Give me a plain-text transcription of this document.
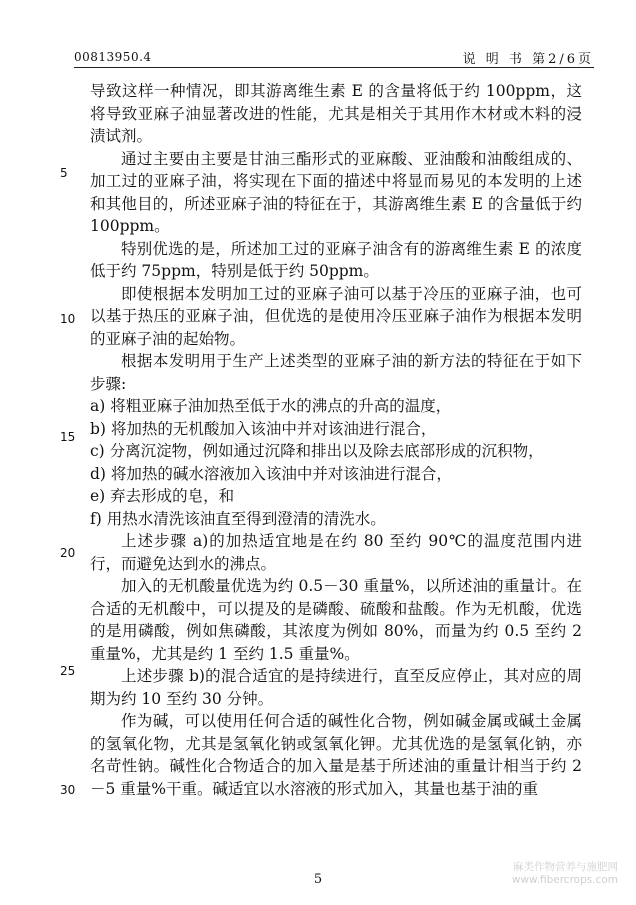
00813950.4	说 明 书 第2/6页
5
10
15
20
25
30

导致这样一种情况，即其游离维生素 E 的含量将低于约 100ppm，这将导致亚麻子油显著改进的性能，尤其是相关于其用作木材或木料的浸渍试剂。

通过主要由主要是甘油三酯形式的亚麻酸、亚油酸和油酸组成的、加工过的亚麻子油，将实现在下面的描述中将显而易见的本发明的上述和其他目的，所述亚麻子油的特征在于，其游离维生素 E 的含量低于约 100ppm。

特别优选的是，所述加工过的亚麻子油含有的游离维生素 E 的浓度低于约 75ppm，特别是低于约 50ppm。

即使根据本发明加工过的亚麻子油可以基于冷压的亚麻子油，也可以基于热压的亚麻子油，但优选的是使用冷压亚麻子油作为根据本发明的亚麻子油的起始物。

根据本发明用于生产上述类型的亚麻子油的新方法的特征在于如下步骤:

a) 将粗亚麻子油加热至低于水的沸点的升高的温度，

b) 将加热的无机酸加入该油中并对该油进行混合，

c) 分离沉淀物，例如通过沉降和排出以及除去底部形成的沉积物，

d) 将加热的碱水溶液加入该油中并对该油进行混合，

e) 弃去形成的皂，和

f) 用热水清洗该油直至得到澄清的清洗水。

上述步骤 a)的加热适宜地是在约 80 至约 90℃的温度范围内进行，而避免达到水的沸点。

加入的无机酸量优选为约 0.5－30 重量%，以所述油的重量计。在合适的无机酸中，可以提及的是磷酸、硫酸和盐酸。作为无机酸，优选的是用磷酸，例如焦磷酸，其浓度为例如 80%，而量为约 0.5 至约 2 重量%，尤其是约 1 至约 1.5 重量%。

上述步骤 b)的混合适宜的是持续进行，直至反应停止，其对应的周期为约 10 至约 30 分钟。

作为碱，可以使用任何合适的碱性化合物，例如碱金属或碱土金属的氢氧化物，尤其是氢氧化钠或氢氧化钾。尤其优选的是氢氧化钠，亦名苛性钠。碱性化合物适合的加入量是基于所述油的重量计相当于约 2－5 重量%干重。碱适宜以水溶液的形式加入，其量也基于油的重

5
麻类作物营养与施肥网
www.fibercrops.com
